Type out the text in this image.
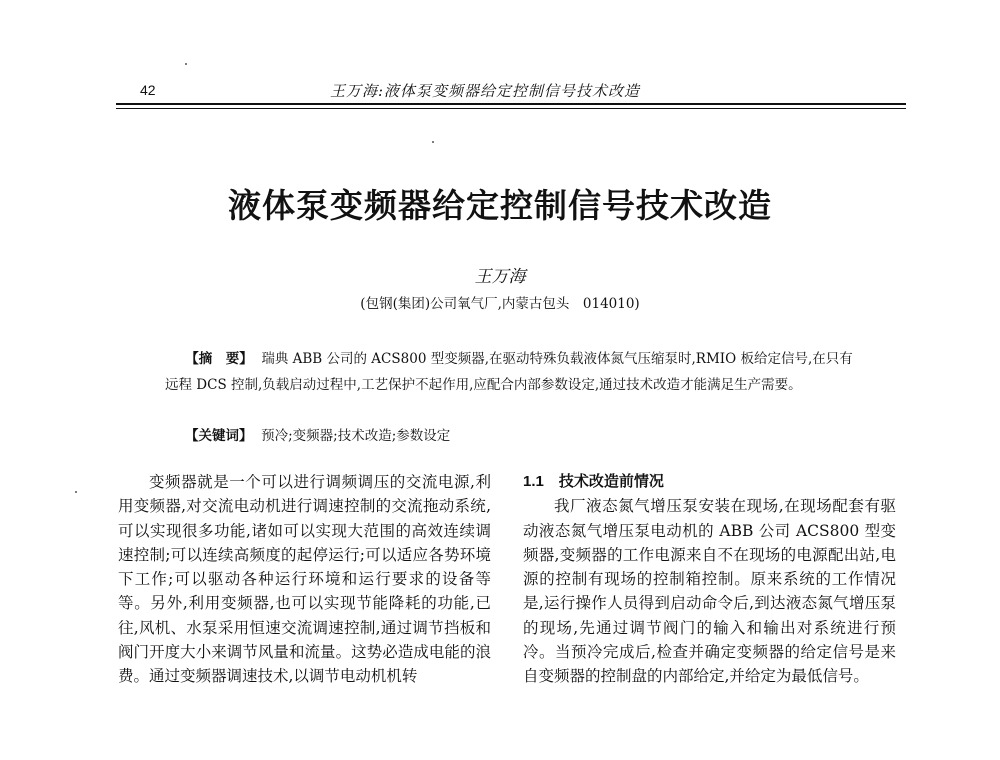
42	王万海:液体泵变频器给定控制信号技术改造
液体泵变频器给定控制信号技术改造
王万海
(包钢(集团)公司氧气厂,内蒙古包头　014010)
　　【摘　要】 瑞典 ABB 公司的 ACS800 型变频器,在驱动特殊负载液体氮气压缩泵时,RMIO 板给定信号,在只有远程 DCS 控制,负载启动过程中,工艺保护不起作用,应配合内部参数设定,通过技术改造才能满足生产需要。
【关键词】 预冷;变频器;技术改造;参数设定

变频器就是一个可以进行调频调压的交流电源,利用变频器,对交流电动机进行调速控制的交流拖动系统,可以实现很多功能,诸如可以实现大范围的高效连续调速控制;可以连续高频度的起停运行;可以适应各势环境下工作;可以驱动各种运行环境和运行要求的设备等等。另外,利用变频器,也可以实现节能降耗的功能,已往,风机、水泵采用恒速交流调速控制,通过调节挡板和阀门开度大小来调节风量和流量。这势必造成电能的浪费。通过变频器调速技术,以调节电动机机转

1.1　技术改造前情况

我厂液态氮气增压泵安装在现场,在现场配套有驱动液态氮气增压泵电动机的 ABB 公司 ACS800 型变频器,变频器的工作电源来自不在现场的电源配出站,电源的控制有现场的控制箱控制。原来系统的工作情况是,运行操作人员得到启动命令后,到达液态氮气增压泵的现场,先通过调节阀门的输入和输出对系统进行预冷。当预冷完成后,检查并确定变频器的给定信号是来自变频器的控制盘的内部给定,并给定为最低信号。
